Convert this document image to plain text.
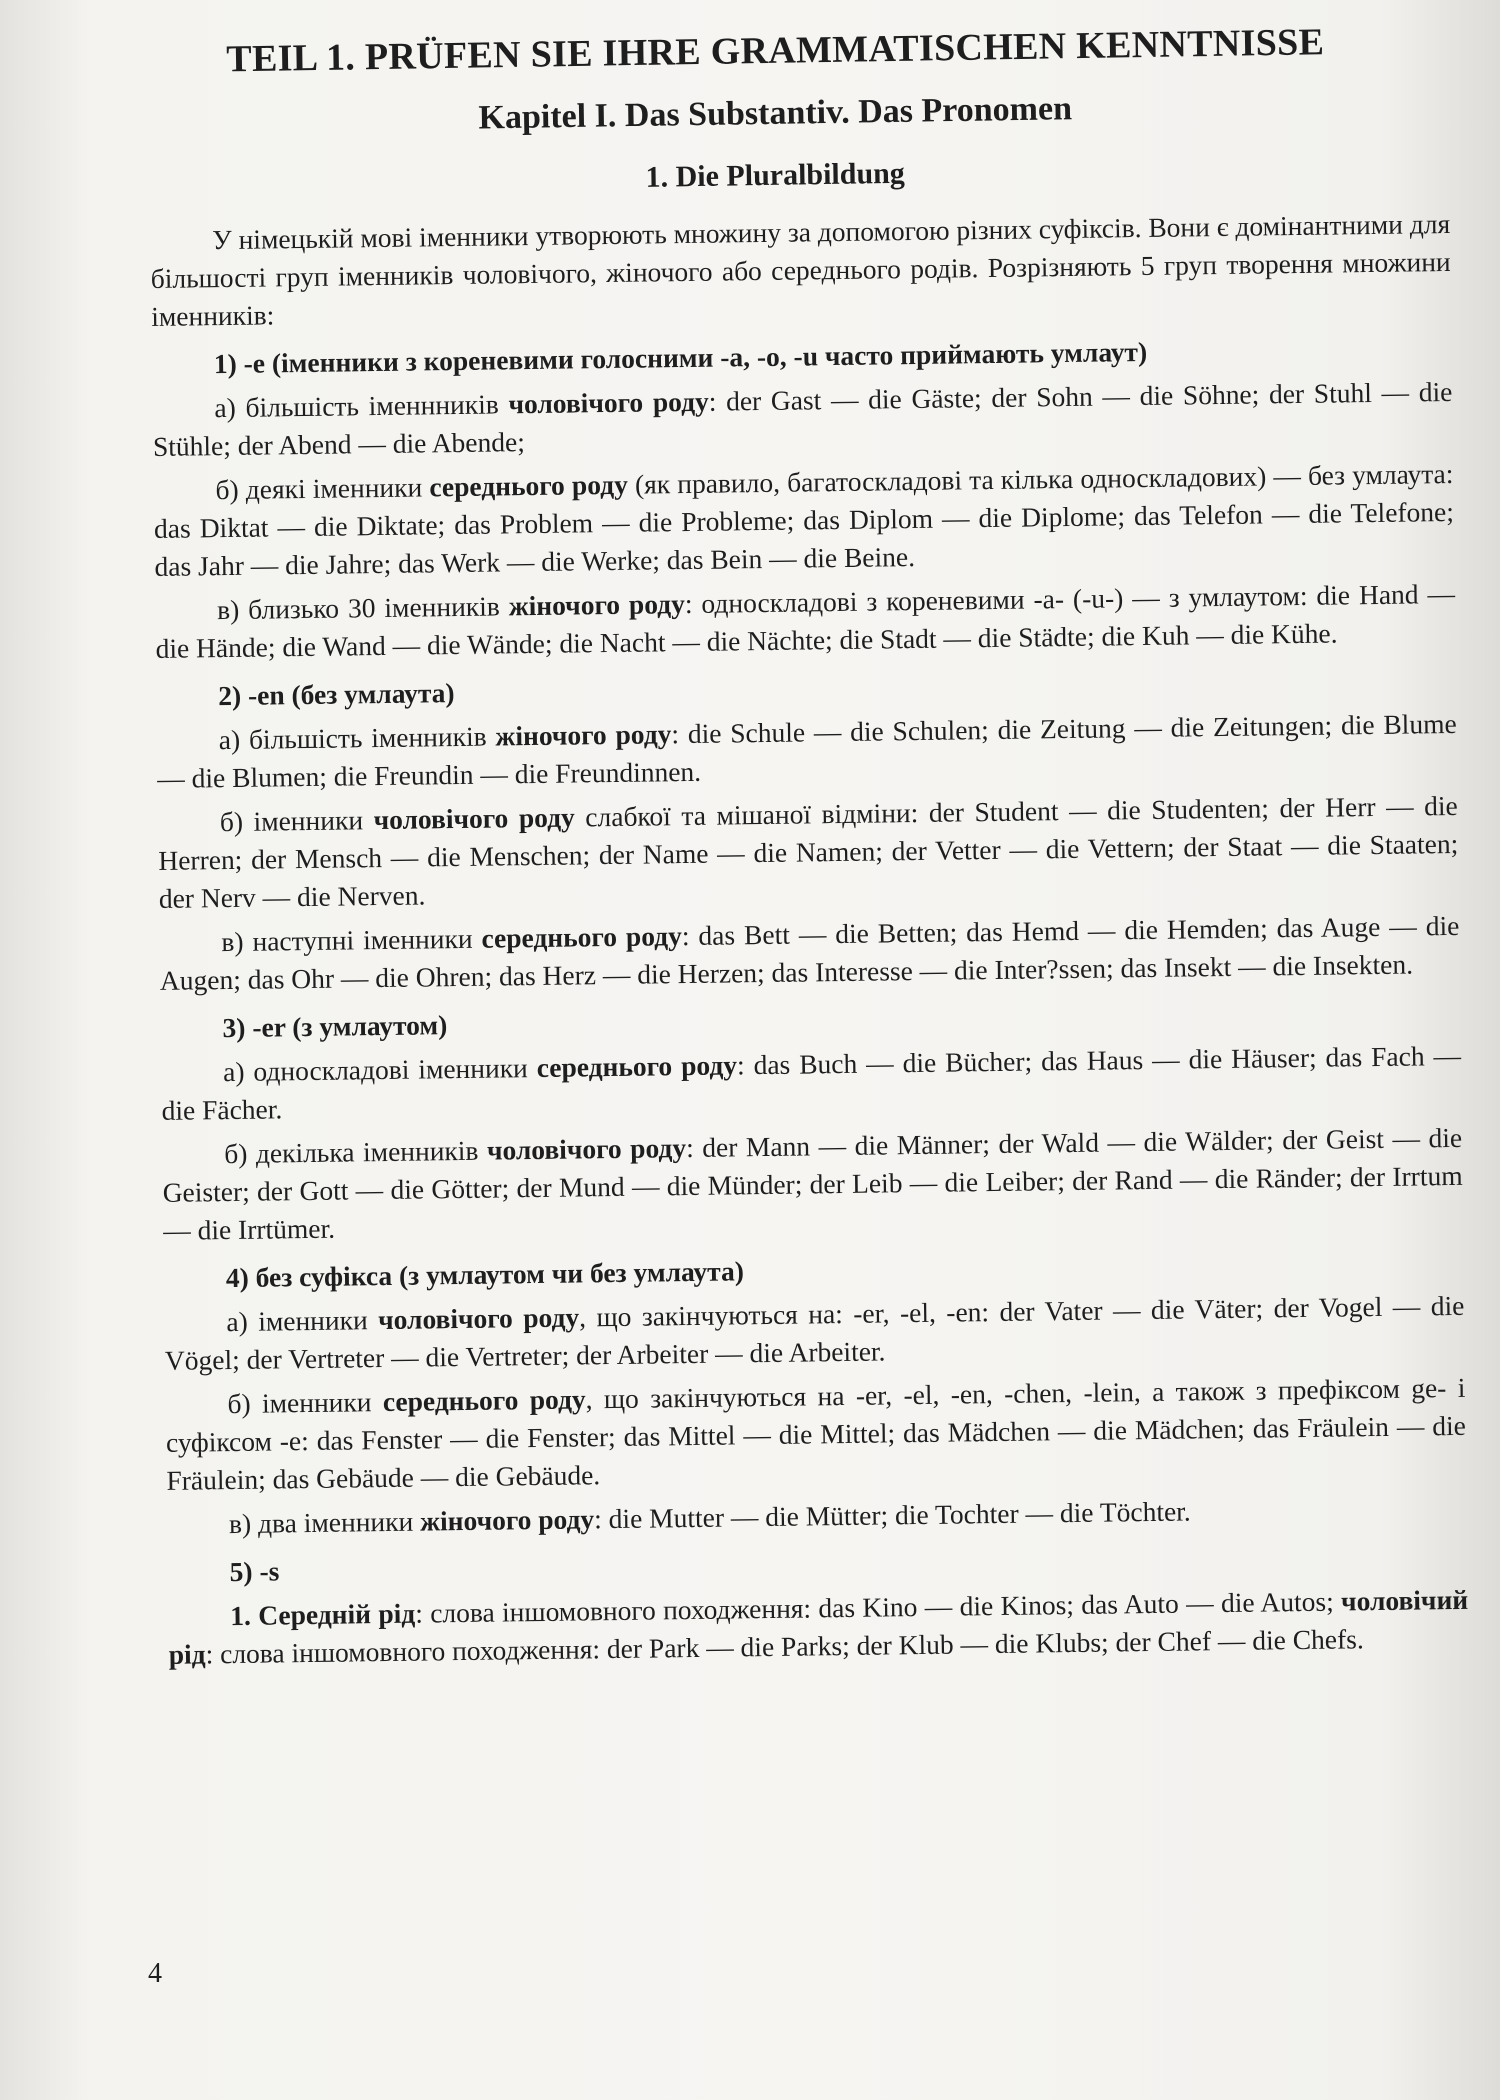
TEIL 1. PRÜFEN SIE IHRE GRAMMATISCHEN KENNTNISSE
Kapitel I. Das Substantiv. Das Pronomen
1. Die Pluralbildung

У німецькій мові іменники утворюють множину за допомогою різних суфіксів. Вони є домінантними для більшості груп іменників чоловічого, жіночого або середнього родів. Розрізняють 5 груп творення множини іменників:

1) -e (іменники з кореневими голосними -a, -o, -u часто приймають умлаут)

а) більшість іменнників чоловічого роду: der Gast — die Gäste; der Sohn — die Söhne; der Stuhl — die Stühle; der Abend — die Abende;

б) деякі іменники середнього роду (як правило, багатоскладові та кілька односкладових) — без умлаута: das Diktat — die Diktate; das Problem — die Probleme; das Diplom — die Diplome; das Telefon — die Telefone; das Jahr — die Jahre; das Werk — die Werke; das Bein — die Beine.

в) близько 30 іменників жіночого роду: односкладові з кореневими -a- (-u-) — з умлаутом: die Hand — die Hände; die Wand — die Wände; die Nacht — die Nächte; die Stadt — die Städte; die Kuh — die Kühe.

2) -en (без умлаута)

а) більшість іменників жіночого роду: die Schule — die Schulen; die Zeitung — die Zeitungen; die Blume — die Blumen; die Freundin — die Freundinnen.

б) іменники чоловічого роду слабкої та мішаної відміни: der Student — die Studenten; der Herr — die Herren; der Mensch — die Menschen; der Name — die Namen; der Vetter — die Vettern; der Staat — die Staaten; der Nerv — die Nerven.

в) наступні іменники середнього роду: das Bett — die Betten; das Hemd — die Hemden; das Auge — die Augen; das Ohr — die Ohren; das Herz — die Herzen; das Interesse — die Inter?ssen; das Insekt — die Insekten.

3) -er (з умлаутом)

а) односкладові іменники середнього роду: das Buch — die Bücher; das Haus — die Häuser; das Fach — die Fächer.

б) декілька іменників чоловічого роду: der Mann — die Männer; der Wald — die Wälder; der Geist — die Geister; der Gott — die Götter; der Mund — die Münder; der Leib — die Leiber; der Rand — die Ränder; der Irrtum — die Irrtümer.

4) без суфікса (з умлаутом чи без умлаута)

а) іменники чоловічого роду, що закінчуються на: -er, -el, -en: der Vater — die Väter; der Vogel — die Vögel; der Vertreter — die Vertreter; der Arbeiter — die Arbeiter.

б) іменники середнього роду, що закінчуються на -er, -el, -en, -chen, -lein, а також з префіксом ge- і суфіксом -e: das Fenster — die Fenster; das Mittel — die Mittel; das Mädchen — die Mädchen; das Fräulein — die Fräulein; das Gebäude — die Gebäude.

в) два іменники жіночого роду: die Mutter — die Mütter; die Tochter — die Töchter.

5) -s

1. Середній рід: слова іншомовного походження: das Kino — die Kinos; das Auto — die Autos; чоловічий рід: слова іншомовного походження: der Park — die Parks; der Klub — die Klubs; der Chef — die Chefs.

4
